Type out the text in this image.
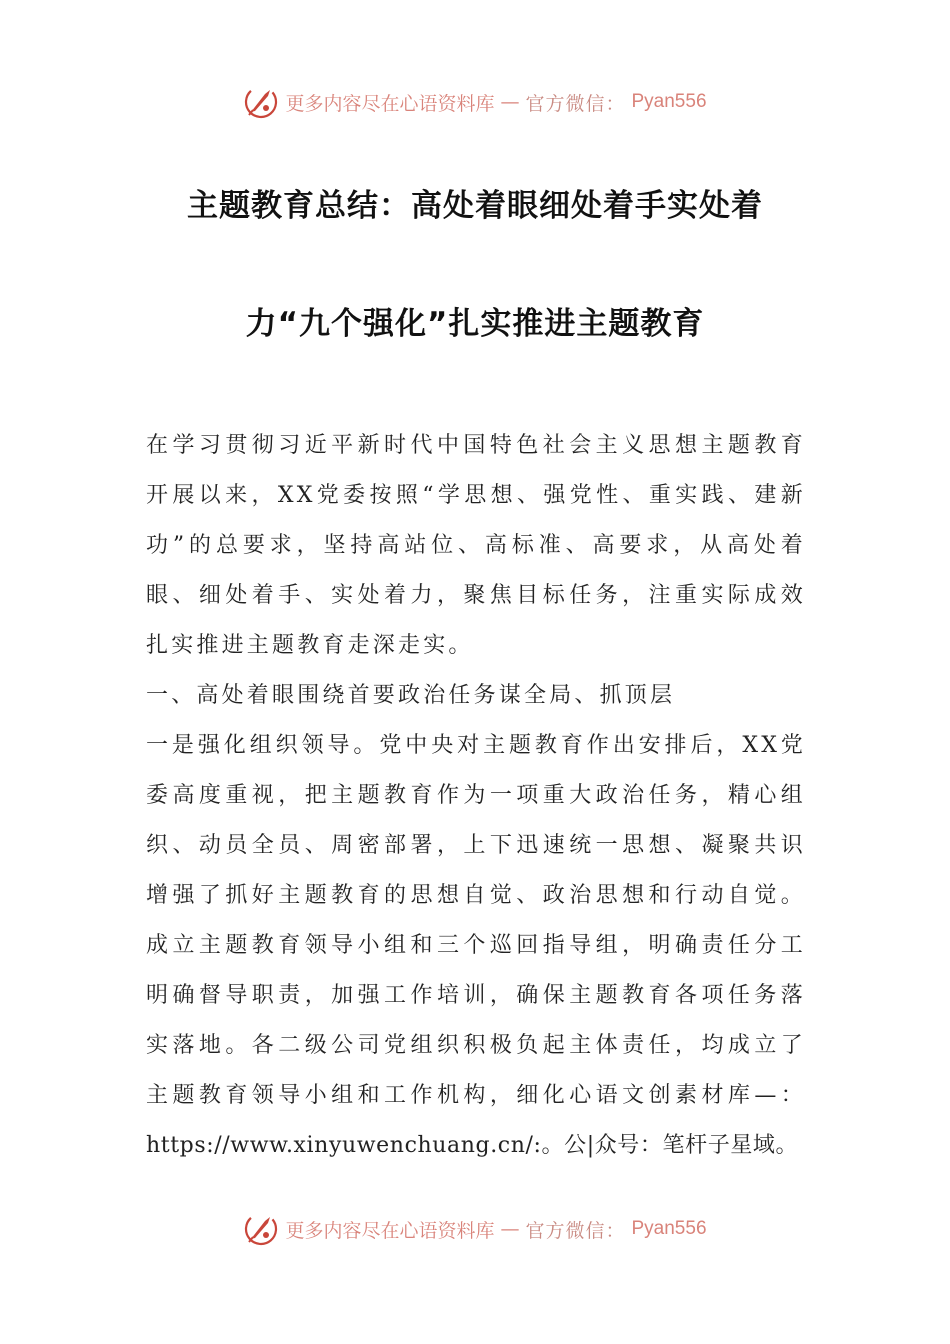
更多内容尽在心语资料库 — 官方微信： Pyan556
主题教育总结：高处着眼细处着手实处着
力“九个强化”扎实推进主题教育
在学习贯彻习近平新时代中国特色社会主义思想主题教育
开展以来，XX党委按照“学思想、强党性、重实践、建新
功”的总要求，坚持高站位、高标准、高要求，从高处着
眼、细处着手、实处着力，聚焦目标任务，注重实际成效
扎实推进主题教育走深走实。
一、高处着眼围绕首要政治任务谋全局、抓顶层
一是强化组织领导。党中央对主题教育作出安排后，XX党
委高度重视，把主题教育作为一项重大政治任务，精心组
织、动员全员、周密部署，上下迅速统一思想、凝聚共识
增强了抓好主题教育的思想自觉、政治思想和行动自觉。
成立主题教育领导小组和三个巡回指导组，明确责任分工
明确督导职责，加强工作培训，确保主题教育各项任务落
实落地。各二级公司党组织积极负起主体责任，均成立了
主题教育领导小组和工作机构，细化心语文创素材库—：
https://www.xinyuwenchuang.cn/:。公|众号：笔杆子星域。
更多内容尽在心语资料库 — 官方微信： Pyan556
